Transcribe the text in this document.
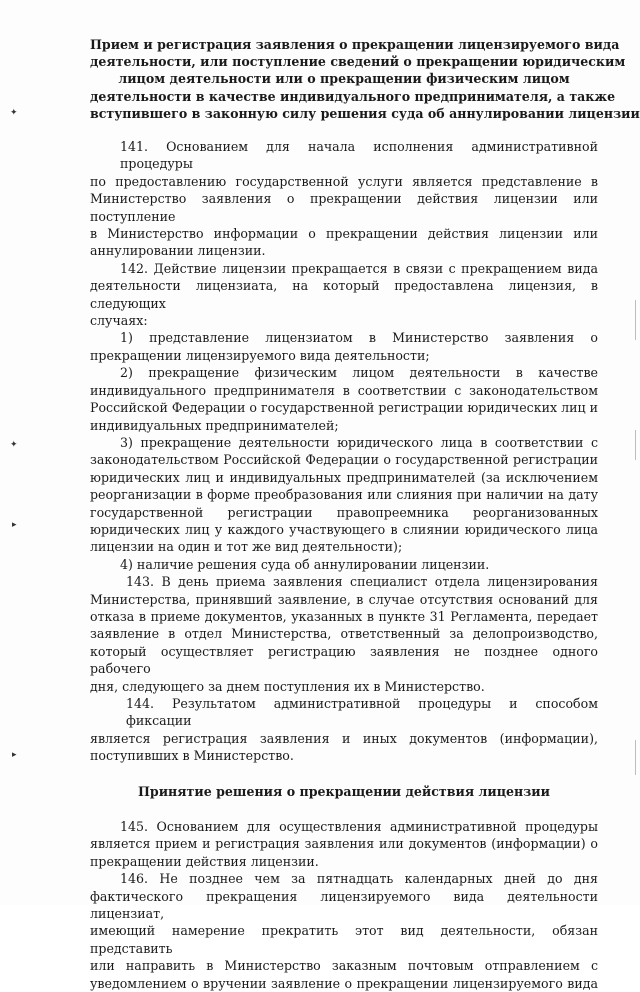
✦
✦
▸
▸
Прием и регистрация заявления о прекращении лицензируемого вида
деятельности, или поступление сведений о прекращении юридическим
лицом деятельности или о прекращении физическим лицом
деятельности в качестве индивидуального предпринимателя, а также
вступившего в законную силу решения суда об аннулировании лицензии
141. Основанием для начала исполнения административной процедуры
по предоставлению государственной услуги является представление в
Министерство заявления о прекращении действия лицензии или поступление
в Министерство информации о прекращении действия лицензии или
аннулировании лицензии.
142. Действие лицензии прекращается в связи с прекращением вида
деятельности лицензиата, на который предоставлена лицензия, в следующих
случаях:
1) представление лицензиатом в Министерство заявления о
прекращении лицензируемого вида деятельности;
2) прекращение физическим лицом деятельности в качестве
индивидуального предпринимателя в соответствии с законодательством
Российской Федерации о государственной регистрации юридических лиц и
индивидуальных предпринимателей;
3) прекращение деятельности юридического лица в соответствии с
законодательством Российской Федерации о государственной регистрации
юридических лиц и индивидуальных предпринимателей (за исключением
реорганизации в форме преобразования или слияния при наличии на дату
государственной регистрации правопреемника реорганизованных
юридических лиц у каждого участвующего в слиянии юридического лица
лицензии на один и тот же вид деятельности);
4) наличие решения суда об аннулировании лицензии.
143. В день приема заявления специалист отдела лицензирования
Министерства, принявший заявление, в случае отсутствия оснований для
отказа в приеме документов, указанных в пункте 31 Регламента, передает
заявление в отдел Министерства, ответственный за делопроизводство,
который осуществляет регистрацию заявления не позднее одного рабочего
дня, следующего за днем поступления их в Министерство.
144. Результатом административной процедуры и способом фиксации
является регистрация заявления и иных документов (информации),
поступивших в Министерство.
Принятие решения о прекращении действия лицензии
145. Основанием для осуществления административной процедуры
является прием и регистрация заявления или документов (информации) о
прекращении действия лицензии.
146. Не позднее чем за пятнадцать календарных дней до дня
фактического прекращения лицензируемого вида деятельности лицензиат,
имеющий намерение прекратить этот вид деятельности, обязан представить
или направить в Министерство заказным почтовым отправлением с
уведомлением о вручении заявление о прекращении лицензируемого вида
